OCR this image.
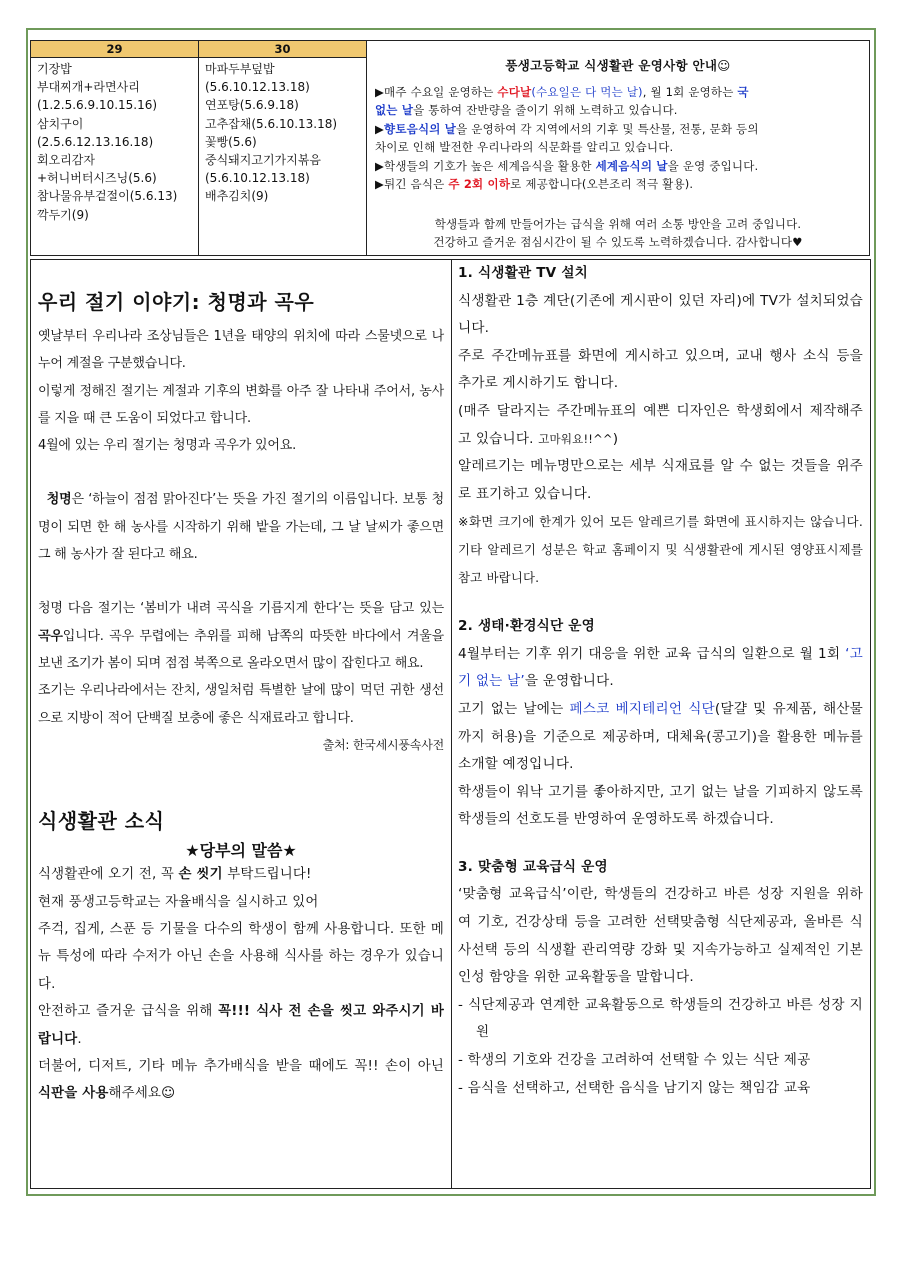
29
기장밥
부대찌개+라면사리
(1.2.5.6.9.10.15.16)
삼치구이
(2.5.6.12.13.16.18)
회오리감자
+허니버터시즈닝(5.6)
참나물유부겉절이(5.6.13)
깍두기(9)
30
마파두부덮밥
(5.6.10.12.13.18)
연포탕(5.6.9.18)
고추잡채(5.6.10.13.18)
꽃빵(5.6)
중식돼지고기가지볶음
(5.6.10.12.13.18)
배추김치(9)
풍생고등학교 식생활관 운영사항 안내☺
▶매주 수요일 운영하는 수다날(수요일은 다 먹는 날), 월 1회 운영하는 국
없는 날을 통하여 잔반량을 줄이기 위해 노력하고 있습니다.
▶향토음식의 날을 운영하여 각 지역에서의 기후 및 특산물, 전통, 문화 등의
차이로 인해 발전한 우리나라의 식문화를 알리고 있습니다.
▶학생들의 기호가 높은 세계음식을 활용한 세계음식의 날을 운영 중입니다.
▶튀긴 음식은 주 2회 이하로 제공합니다(오븐조리 적극 활용).
학생들과 함께 만들어가는 급식을 위해 여러 소통 방안을 고려 중입니다.
건강하고 즐거운 점심시간이 될 수 있도록 노력하겠습니다. 감사합니다♥
우리 절기 이야기: 청명과 곡우
옛날부터 우리나라 조상님들은 1년을 태양의 위치에 따라 스물넷으로 나누어 계절을 구분했습니다.
이렇게 정해진 절기는 계절과 기후의 변화를 아주 잘 나타내 주어서, 농사를 지을 때 큰 도움이 되었다고 합니다.
4월에 있는 우리 절기는 청명과 곡우가 있어요.
청명은 ‘하늘이 점점 맑아진다’는 뜻을 가진 절기의 이름입니다. 보통 청명이 되면 한 해 농사를 시작하기 위해 밭을 가는데, 그 날 날씨가 좋으면 그 해 농사가 잘 된다고 해요.
청명 다음 절기는 ‘봄비가 내려 곡식을 기름지게 한다’는 뜻을 담고 있는 곡우입니다. 곡우 무렵에는 추위를 피해 남쪽의 따뜻한 바다에서 겨울을 보낸 조기가 봄이 되며 점점 북쪽으로 올라오면서 많이 잡힌다고 해요.
조기는 우리나라에서는 잔치, 생일처럼 특별한 날에 많이 먹던 귀한 생선으로 지방이 적어 단백질 보충에 좋은 식재료라고 합니다.
출처: 한국세시풍속사전
식생활관 소식
★당부의 말씀★
식생활관에 오기 전, 꼭 손 씻기 부탁드립니다!
현재 풍생고등학교는 자율배식을 실시하고 있어
주걱, 집게, 스푼 등 기물을 다수의 학생이 함께 사용합니다. 또한 메뉴 특성에 따라 수저가 아닌 손을 사용해 식사를 하는 경우가 있습니다.
안전하고 즐거운 급식을 위해 꼭!!! 식사 전 손을 씻고 와주시기 바랍니다.
더불어, 디저트, 기타 메뉴 추가배식을 받을 때에도 꼭!! 손이 아닌 식판을 사용해주세요☺
1. 식생활관 TV 설치
식생활관 1층 계단(기존에 게시판이 있던 자리)에 TV가 설치되었습니다.
주로 주간메뉴표를 화면에 게시하고 있으며, 교내 행사 소식 등을 추가로 게시하기도 합니다.
(매주 달라지는 주간메뉴표의 예쁜 디자인은 학생회에서 제작해주고 있습니다. 고마워요!!^^)
알레르기는 메뉴명만으로는 세부 식재료를 알 수 없는 것들을 위주로 표기하고 있습니다.
※화면 크기에 한계가 있어 모든 알레르기를 화면에 표시하지는 않습니다. 기타 알레르기 성분은 학교 홈페이지 및 식생활관에 게시된 영양표시제를 참고 바랍니다.
2. 생태·환경식단 운영
4월부터는 기후 위기 대응을 위한 교육 급식의 일환으로 월 1회 ‘고기 없는 날’을 운영합니다.
고기 없는 날에는 페스코 베지테리언 식단(달걀 및 유제품, 해산물까지 허용)을 기준으로 제공하며, 대체육(콩고기)을 활용한 메뉴를 소개할 예정입니다.
학생들이 워낙 고기를 좋아하지만, 고기 없는 날을 기피하지 않도록 학생들의 선호도를 반영하여 운영하도록 하겠습니다.
3. 맞춤형 교육급식 운영
‘맞춤형 교육급식’이란, 학생들의 건강하고 바른 성장 지원을 위하여 기호, 건강상태 등을 고려한 선택맞춤형 식단제공과, 올바른 식사선택 등의 식생활 관리역량 강화 및 지속가능하고 실제적인 기본인성 함양을 위한 교육활동을 말합니다.
- 식단제공과 연계한 교육활동으로 학생들의 건강하고 바른 성장 지원
- 학생의 기호와 건강을 고려하여 선택할 수 있는 식단 제공
- 음식을 선택하고, 선택한 음식을 남기지 않는 책임감 교육
